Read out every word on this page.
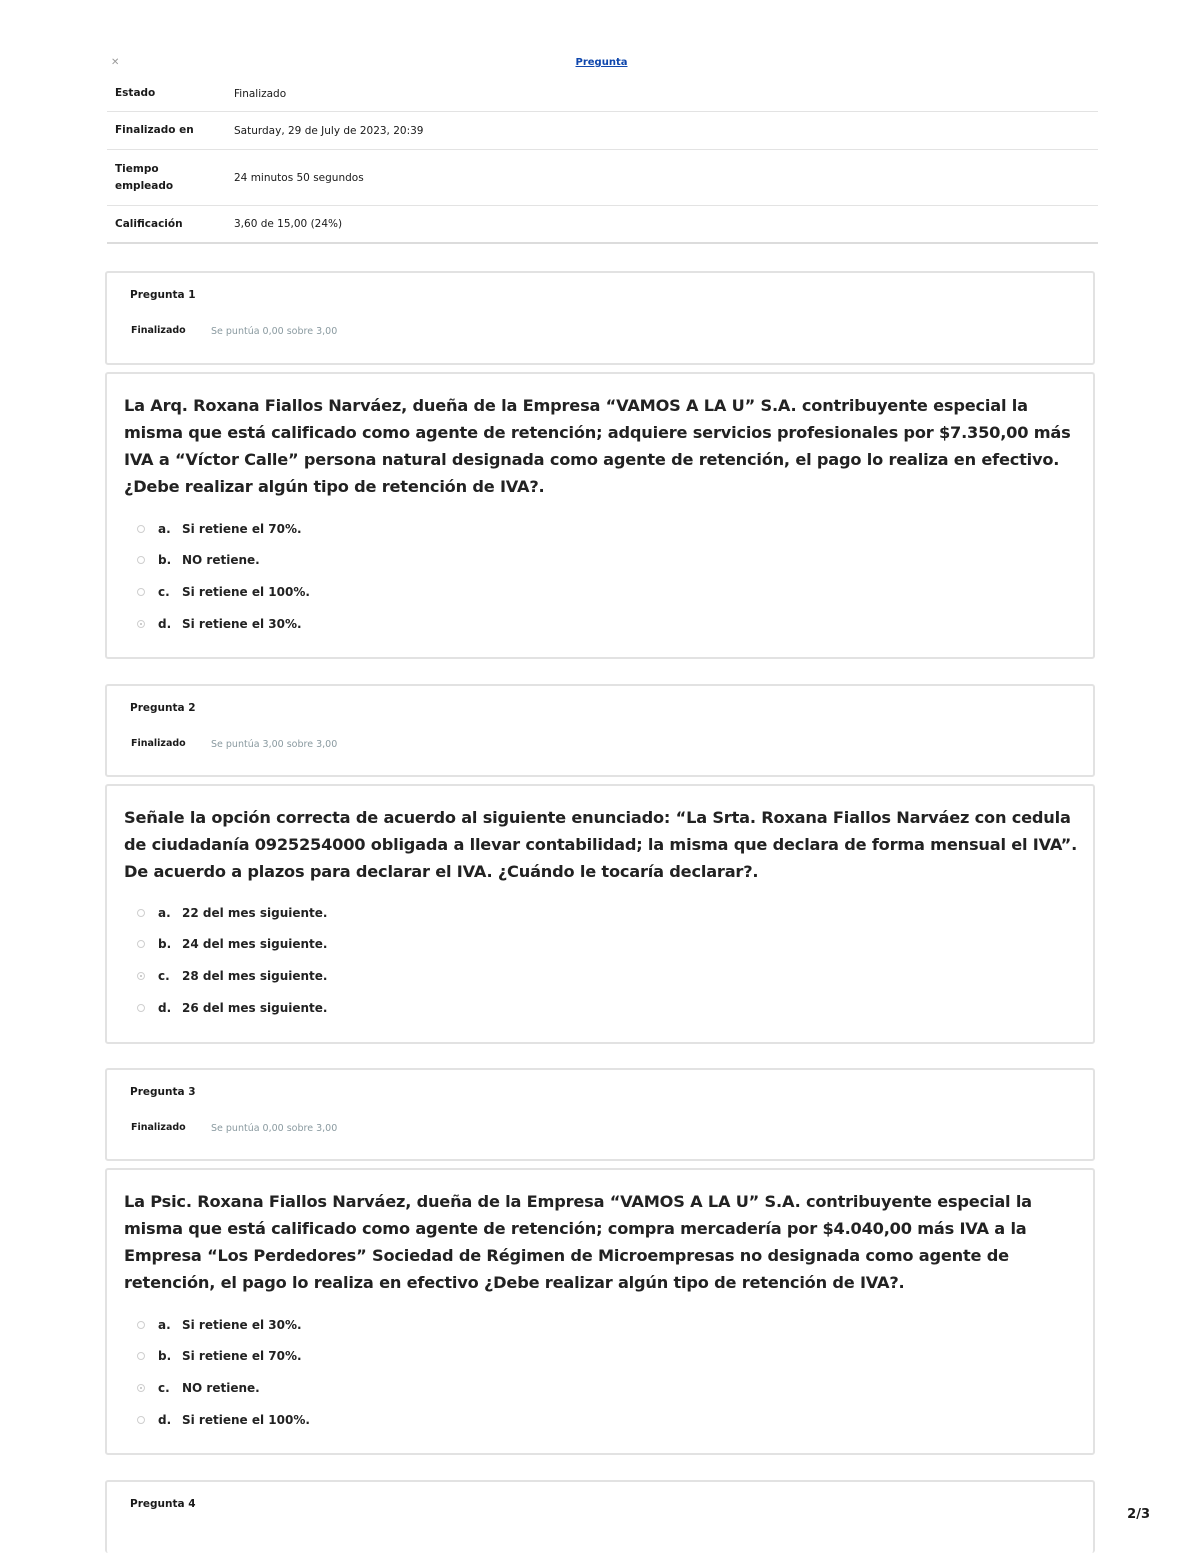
✕	Pregunta
Estado	Finalizado
Finalizado en	Saturday, 29 de July de 2023, 20:39
Tiempo empleado	24 minutos 50 segundos
Calificación	3,60 de 15,00 (24%)
Pregunta 1
Finalizado	Se puntúa 0,00 sobre 3,00
La Arq. Roxana Fiallos Narváez, dueña de la Empresa “VAMOS A LA U” S.A. contribuyente especial la misma que está calificado como agente de retención; adquiere servicios profesionales por $7.350,00 más IVA a “Víctor Calle” persona natural designada como agente de retención, el pago lo realiza en efectivo. ¿Debe realizar algún tipo de retención de IVA?.
a. Si retiene el 70%.
b. NO retiene.
c.	Si retiene el 100%.
d. Si retiene el 30%.
Pregunta 2
Finalizado	Se puntúa 3,00 sobre 3,00
Señale la opción correcta de acuerdo al siguiente enunciado: “La Srta. Roxana Fiallos Narváez con cedula de ciudadanía 0925254000 obligada a llevar contabilidad; la misma que declara de forma mensual el IVA”. De acuerdo a plazos para declarar el IVA. ¿Cuándo le tocaría declarar?.
a. 22 del mes siguiente.
b. 24 del mes siguiente.
c.	28 del mes siguiente.
d. 26 del mes siguiente.
Pregunta 3
Finalizado	Se puntúa 0,00 sobre 3,00
La Psic. Roxana Fiallos Narváez, dueña de la Empresa “VAMOS A LA U” S.A. contribuyente especial la misma que está calificado como agente de retención; compra mercadería por $4.040,00 más IVA a la Empresa “Los Perdedores” Sociedad de Régimen de Microempresas no designada como agente de retención, el pago lo realiza en efectivo ¿Debe realizar algún tipo de retención de IVA?.
a. Si retiene el 30%.
b. Si retiene el 70%.
c.	NO retiene.
d. Si retiene el 100%.
Pregunta 4
2/3
